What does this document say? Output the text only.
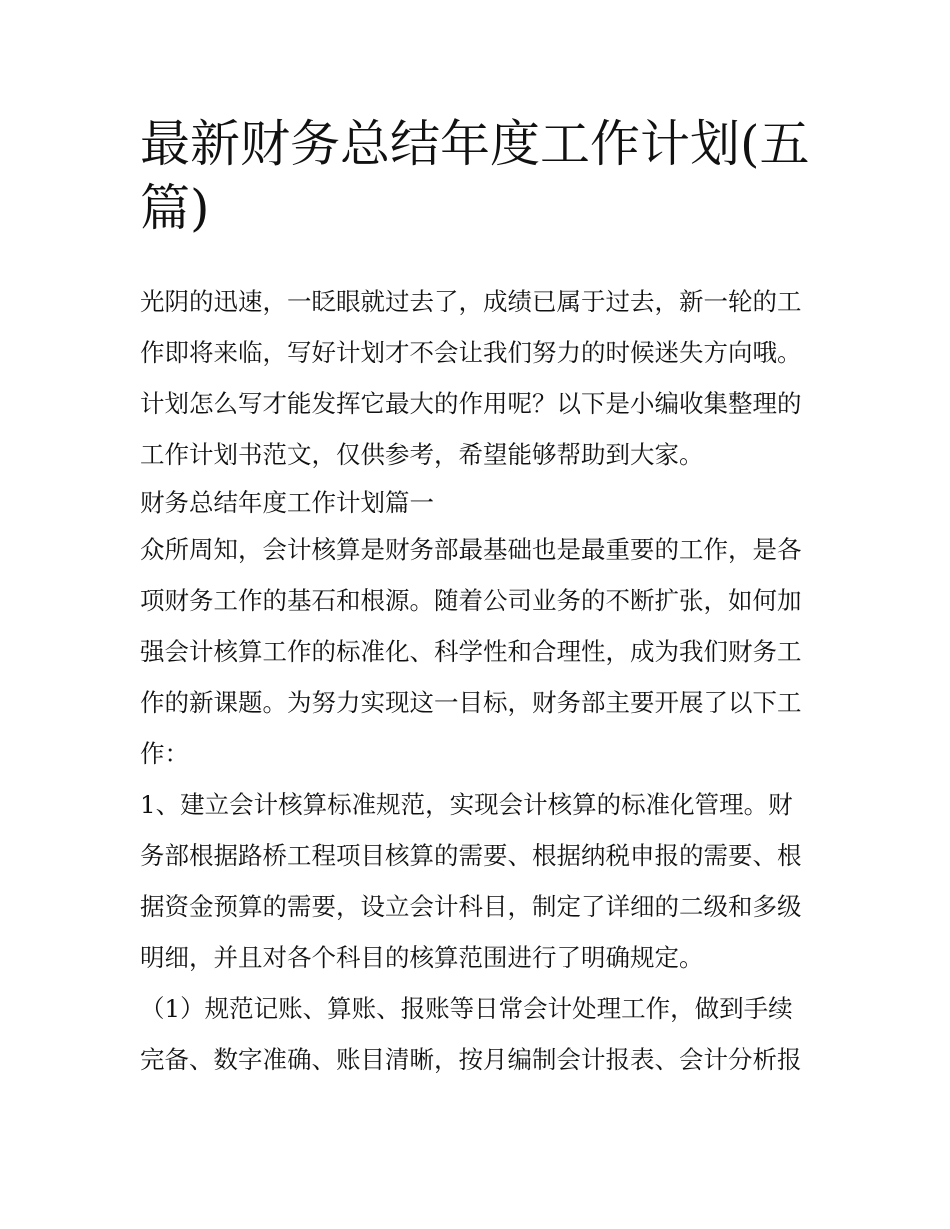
最新财务总结年度工作计划(五篇)

光阴的迅速，一眨眼就过去了，成绩已属于过去，新一轮的工作即将来临，写好计划才不会让我们努力的时候迷失方向哦。计划怎么写才能发挥它最大的作用呢？以下是小编收集整理的工作计划书范文，仅供参考，希望能够帮助到大家。

财务总结年度工作计划篇一

众所周知，会计核算是财务部最基础也是最重要的工作，是各项财务工作的基石和根源。随着公司业务的不断扩张，如何加强会计核算工作的标准化、科学性和合理性，成为我们财务工作的新课题。为努力实现这一目标，财务部主要开展了以下工作：

1、建立会计核算标准规范，实现会计核算的标准化管理。财务部根据路桥工程项目核算的需要、根据纳税申报的需要、根据资金预算的需要，设立会计科目，制定了详细的二级和多级明细，并且对各个科目的核算范围进行了明确规定。

（1）规范记账、算账、报账等日常会计处理工作，做到手续完备、数字准确、账目清晰，按月编制会计报表、会计分析报
